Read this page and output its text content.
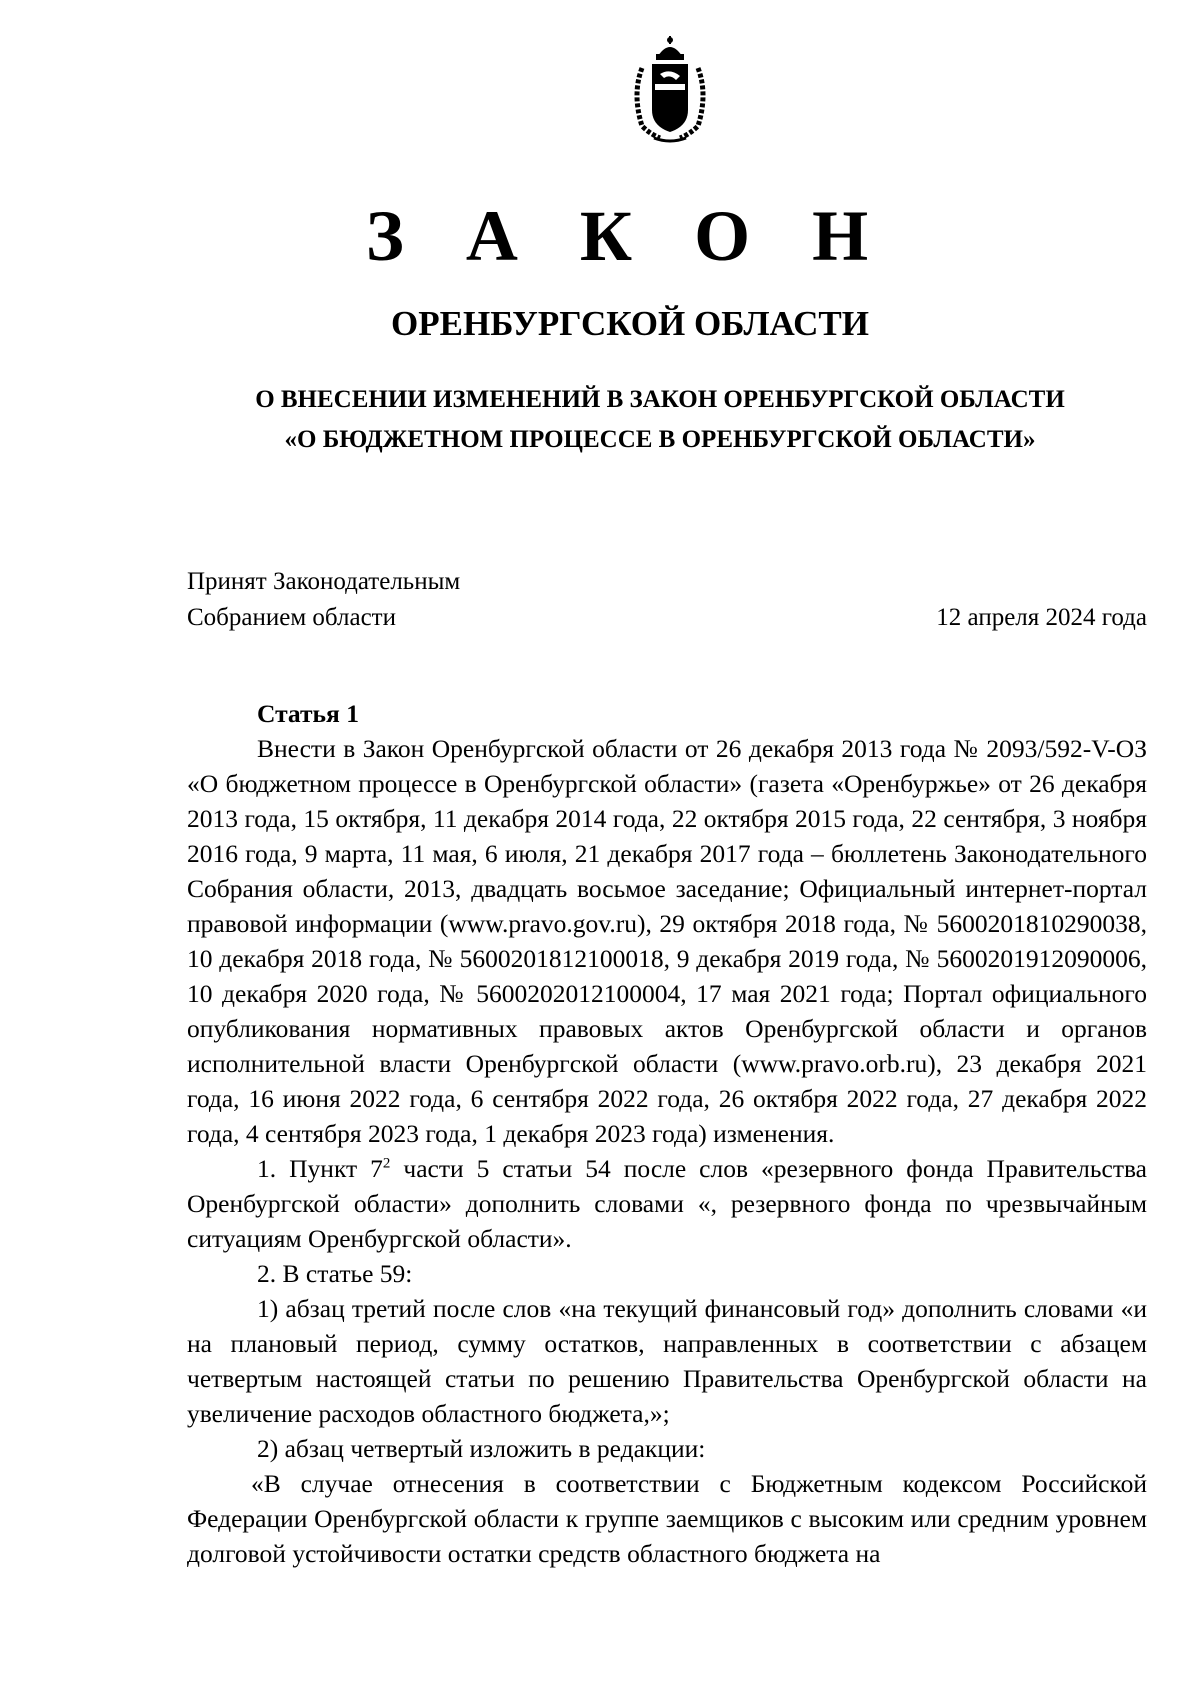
З А К О Н
ОРЕНБУРГСКОЙ ОБЛАСТИ
О ВНЕСЕНИИ ИЗМЕНЕНИЙ В ЗАКОН ОРЕНБУРГСКОЙ ОБЛАСТИ
«О БЮДЖЕТНОМ ПРОЦЕССЕ В ОРЕНБУРГСКОЙ ОБЛАСТИ»
Принят Законодательным
Собранием области	12 апреля 2024 года

Статья 1

Внести в Закон Оренбургской области от 26 декабря 2013 года № 2093/592-V-ОЗ «О бюджетном процессе в Оренбургской области» (газета «Оренбуржье» от 26 декабря 2013 года, 15 октября, 11 декабря 2014 года, 22 октября 2015 года, 22 сентября, 3 ноября 2016 года, 9 марта, 11 мая, 6 июля, 21 декабря 2017 года – бюллетень Законодательного Собрания области, 2013, двадцать восьмое заседание; Официальный интернет-портал правовой информации (www.pravo.gov.ru), 29 октября 2018 года, № 5600201810290038, 10 декабря 2018 года, № 5600201812100018, 9 декабря 2019 года, № 5600201912090006, 10 декабря 2020 года, № 5600202012100004, 17 мая 2021 года; Портал официального опубликования нормативных правовых актов Оренбургской области и органов исполнительной власти Оренбургской области (www.pravo.orb.ru), 23 декабря 2021 года, 16 июня 2022 года, 6 сентября 2022 года, 26 октября 2022 года, 27 декабря 2022 года, 4 сентября 2023 года, 1 декабря 2023 года) изменения.

1. Пункт $7^2$ части 5 статьи 54 после слов «резервного фонда Правительства Оренбургской области» дополнить словами «, резервного фонда по чрезвычайным ситуациям Оренбургской области».

2. В статье 59:

1) абзац третий после слов «на текущий финансовый год» дополнить словами «и на плановый период, сумму остатков, направленных в соответствии с абзацем четвертым настоящей статьи по решению Правительства Оренбургской области на увеличение расходов областного бюджета,»;

2) абзац четвертый изложить в редакции:

«В случае отнесения в соответствии с Бюджетным кодексом Российской Федерации Оренбургской области к группе заемщиков с высоким или средним уровнем долговой устойчивости остатки средств областного бюджета на
